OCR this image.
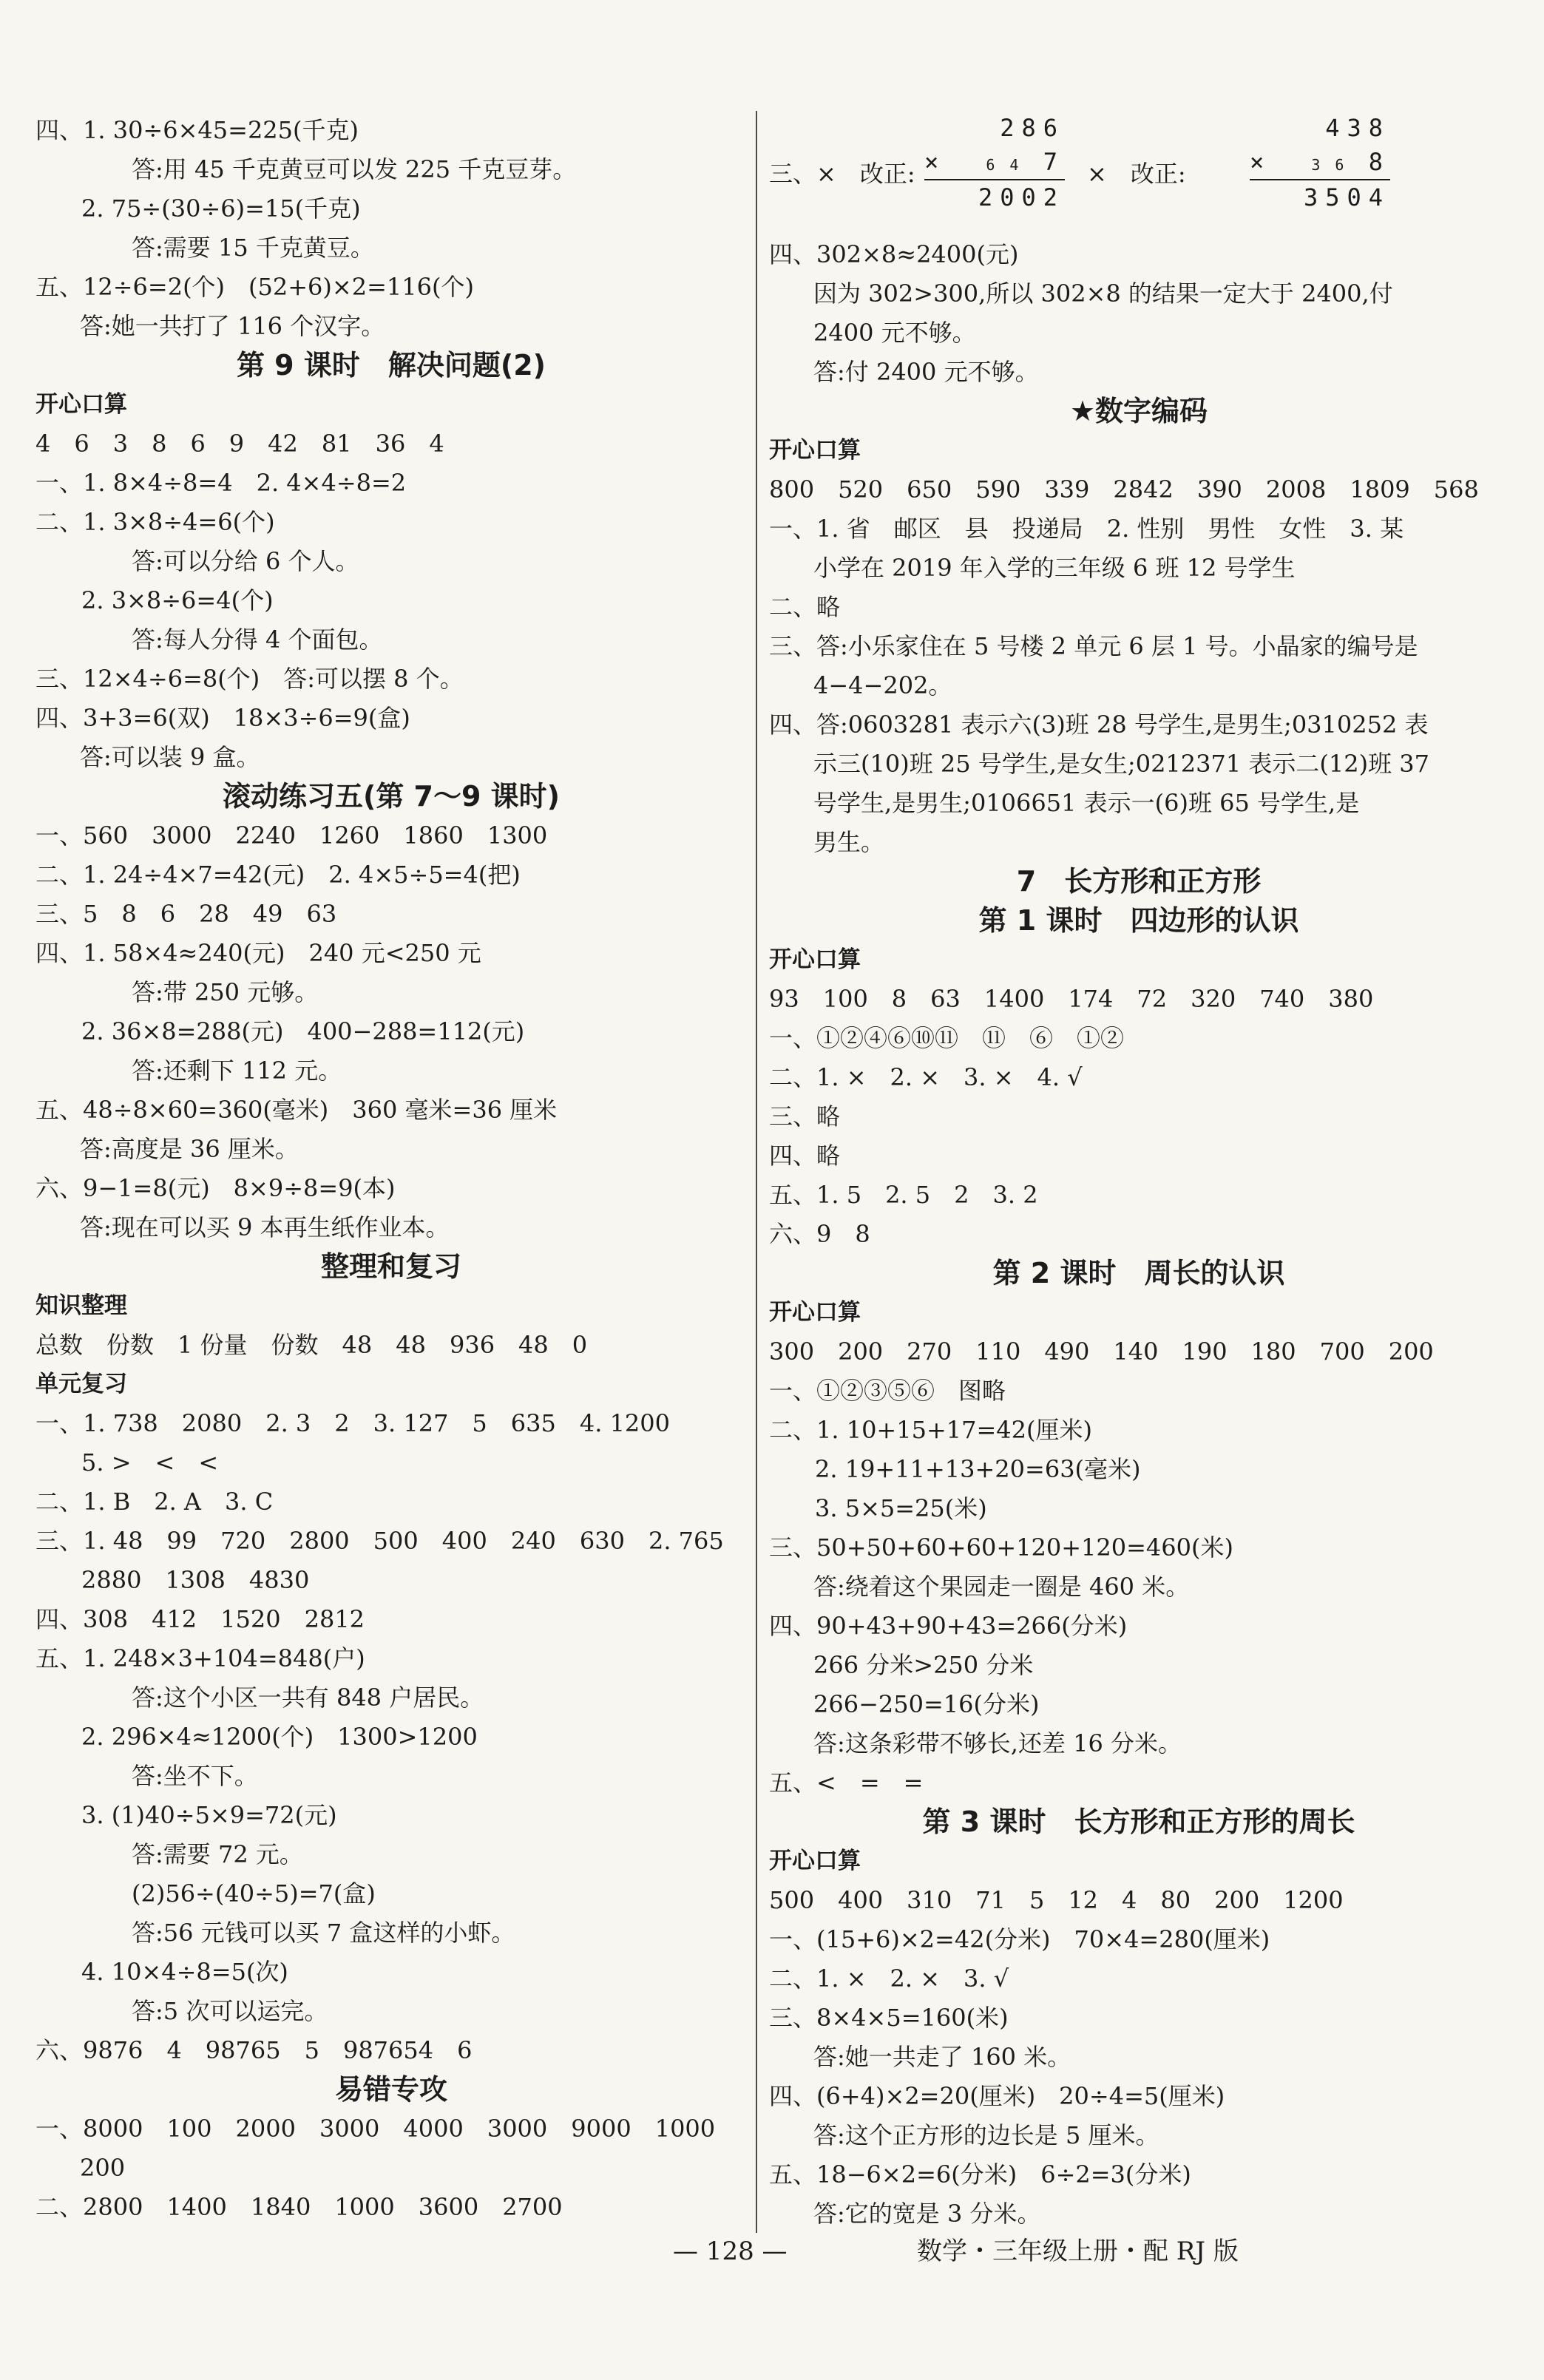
四、1. 30÷6×45=225(千克)
答:用 45 千克黄豆可以发 225 千克豆芽。
2. 75÷(30÷6)=15(千克)
答:需要 15 千克黄豆。
五、12÷6=2(个)　(52+6)×2=116(个)
答:她一共打了 116 个汉字。
第 9 课时　解决问题(2)
开心口算
4　6　3　8　6　9　42　81　36　4
一、1. 8×4÷8=4　2. 4×4÷8=2
二、1. 3×8÷4=6(个)
答:可以分给 6 个人。
2. 3×8÷6=4(个)
答:每人分得 4 个面包。
三、12×4÷6=8(个)　答:可以摆 8 个。
四、3+3=6(双)　18×3÷6=9(盒)
答:可以装 9 盒。
滚动练习五(第 7～9 课时)
一、560　3000　2240　1260　1860　1300
二、1. 24÷4×7=42(元)　2. 4×5÷5=4(把)
三、5　8　6　28　49　63
四、1. 58×4≈240(元)　240 元<250 元
答:带 250 元够。
2. 36×8=288(元)　400−288=112(元)
答:还剩下 112 元。
五、48÷8×60=360(毫米)　360 毫米=36 厘米
答:高度是 36 厘米。
六、9−1=8(元)　8×9÷8=9(本)
答:现在可以买 9 本再生纸作业本。
整理和复习
知识整理
总数　份数　1 份量　份数　48　48　936　48　0
单元复习
一、1. 738　2080　2. 3　2　3. 127　5　635　4. 1200
5. >　<　<
二、1. B　2. A　3. C
三、1. 48　99　720　2800　500　400　240　630　2. 765
2880　1308　4830
四、308　412　1520　2812
五、1. 248×3+104=848(户)
答:这个小区一共有 848 户居民。
2. 296×4≈1200(个)　1300>1200
答:坐不下。
3. (1)40÷5×9=72(元)
答:需要 72 元。
(2)56÷(40÷5)=7(盒)
答:56 元钱可以买 7 盒这样的小虾。
4. 10×4÷8=5(次)
答:5 次可以运完。
六、9876　4　98765　5　987654　6
易错专攻
一、8000　100　2000　3000　4000　3000　9000　1000
200
二、2800　1400　1840　1000　3600　2700
三、×　改正:
286
×	6 4 7
2002
×　改正:
438
×	3 6 8
3504
四、302×8≈2400(元)
因为 302>300,所以 302×8 的结果一定大于 2400,付
2400 元不够。
答:付 2400 元不够。
★数字编码
开心口算
800　520　650　590　339　2842　390　2008　1809　568
一、1. 省　邮区　县　投递局　2. 性别　男性　女性　3. 某
小学在 2019 年入学的三年级 6 班 12 号学生
二、略
三、答:小乐家住在 5 号楼 2 单元 6 层 1 号。小晶家的编号是
4−4−202。
四、答:0603281 表示六(3)班 28 号学生,是男生;0310252 表
示三(10)班 25 号学生,是女生;0212371 表示二(12)班 37
号学生,是男生;0106651 表示一(6)班 65 号学生,是
男生。
7　长方形和正方形
第 1 课时　四边形的认识
开心口算
93　100　8　63　1400　174　72　320　740　380
一、①②④⑥⑩⑪　⑪　⑥　①②
二、1. ×　2. ×　3. ×　4. √
三、略
四、略
五、1. 5　2. 5　2　3. 2
六、9　8
第 2 课时　周长的认识
开心口算
300　200　270　110　490　140　190　180　700　200
一、①②③⑤⑥　图略
二、1. 10+15+17=42(厘米)
2. 19+11+13+20=63(毫米)
3. 5×5=25(米)
三、50+50+60+60+120+120=460(米)
答:绕着这个果园走一圈是 460 米。
四、90+43+90+43=266(分米)
266 分米>250 分米
266−250=16(分米)
答:这条彩带不够长,还差 16 分米。
五、<　=　=
第 3 课时　长方形和正方形的周长
开心口算
500　400　310　71　5　12　4　80　200　1200
一、(15+6)×2=42(分米)　70×4=280(厘米)
二、1. ×　2. ×　3. √
三、8×4×5=160(米)
答:她一共走了 160 米。
四、(6+4)×2=20(厘米)　20÷4=5(厘米)
答:这个正方形的边长是 5 厘米。
五、18−6×2=6(分米)　6÷2=3(分米)
答:它的宽是 3 分米。
— 128 —	数学・三年级上册・配 RJ 版
